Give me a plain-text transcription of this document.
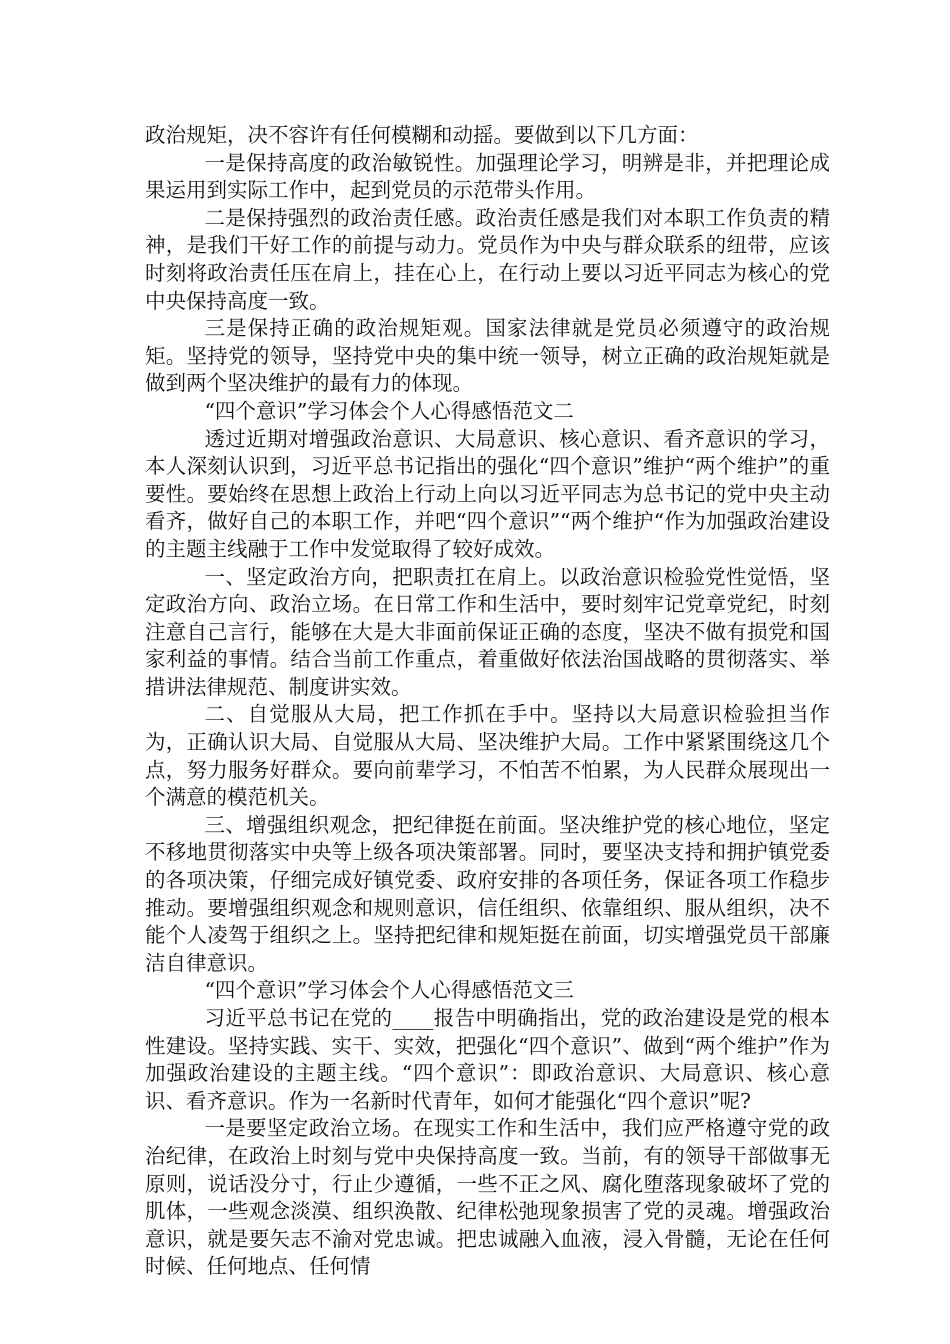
政治规矩，决不容许有任何模糊和动摇。要做到以下几方面：

一是保持高度的政治敏锐性。加强理论学习，明辨是非，并把理论成果运用到实际工作中，起到党员的示范带头作用。

二是保持强烈的政治责任感。政治责任感是我们对本职工作负责的精神，是我们干好工作的前提与动力。党员作为中央与群众联系的纽带，应该时刻将政治责任压在肩上，挂在心上，在行动上要以习近平同志为核心的党中央保持高度一致。

三是保持正确的政治规矩观。国家法律就是党员必须遵守的政治规矩。坚持党的领导，坚持党中央的集中统一领导，树立正确的政治规矩就是做到两个坚决维护的最有力的体现。

“四个意识”学习体会个人心得感悟范文二

透过近期对增强政治意识、大局意识、核心意识、看齐意识的学习，本人深刻认识到，习近平总书记指出的强化“四个意识”维护“两个维护”的重要性。要始终在思想上政治上行动上向以习近平同志为总书记的党中央主动看齐，做好自己的本职工作，并吧“四个意识”“两个维护“作为加强政治建设的主题主线融于工作中发觉取得了较好成效。

一、坚定政治方向，把职责扛在肩上。以政治意识检验党性觉悟，坚定政治方向、政治立场。在日常工作和生活中，要时刻牢记党章党纪，时刻注意自己言行，能够在大是大非面前保证正确的态度，坚决不做有损党和国家利益的事情。结合当前工作重点，着重做好依法治国战略的贯彻落实、举措讲法律规范、制度讲实效。

二、自觉服从大局，把工作抓在手中。坚持以大局意识检验担当作为，正确认识大局、自觉服从大局、坚决维护大局。工作中紧紧围绕这几个点，努力服务好群众。要向前辈学习，不怕苦不怕累，为人民群众展现出一个满意的模范机关。

三、增强组织观念，把纪律挺在前面。坚决维护党的核心地位，坚定不移地贯彻落实中央等上级各项决策部署。同时，要坚决支持和拥护镇党委的各项决策，仔细完成好镇党委、政府安排的各项任务，保证各项工作稳步推动。要增强组织观念和规则意识，信任组织、依靠组织、服从组织，决不能个人凌驾于组织之上。坚持把纪律和规矩挺在前面，切实增强党员干部廉洁自律意识。

“四个意识”学习体会个人心得感悟范文三

习近平总书记在党的____报告中明确指出，党的政治建设是党的根本性建设。坚持实践、实干、实效，把强化“四个意识”、做到“两个维护”作为加强政治建设的主题主线。“四个意识”：即政治意识、大局意识、核心意识、看齐意识。作为一名新时代青年，如何才能强化“四个意识”呢?

一是要坚定政治立场。在现实工作和生活中，我们应严格遵守党的政治纪律，在政治上时刻与党中央保持高度一致。当前，有的领导干部做事无原则，说话没分寸，行止少遵循，一些不正之风、腐化堕落现象破坏了党的肌体，一些观念淡漠、组织涣散、纪律松弛现象损害了党的灵魂。增强政治意识，就是要矢志不渝对党忠诚。把忠诚融入血液，浸入骨髓，无论在任何时候、任何地点、任何情
